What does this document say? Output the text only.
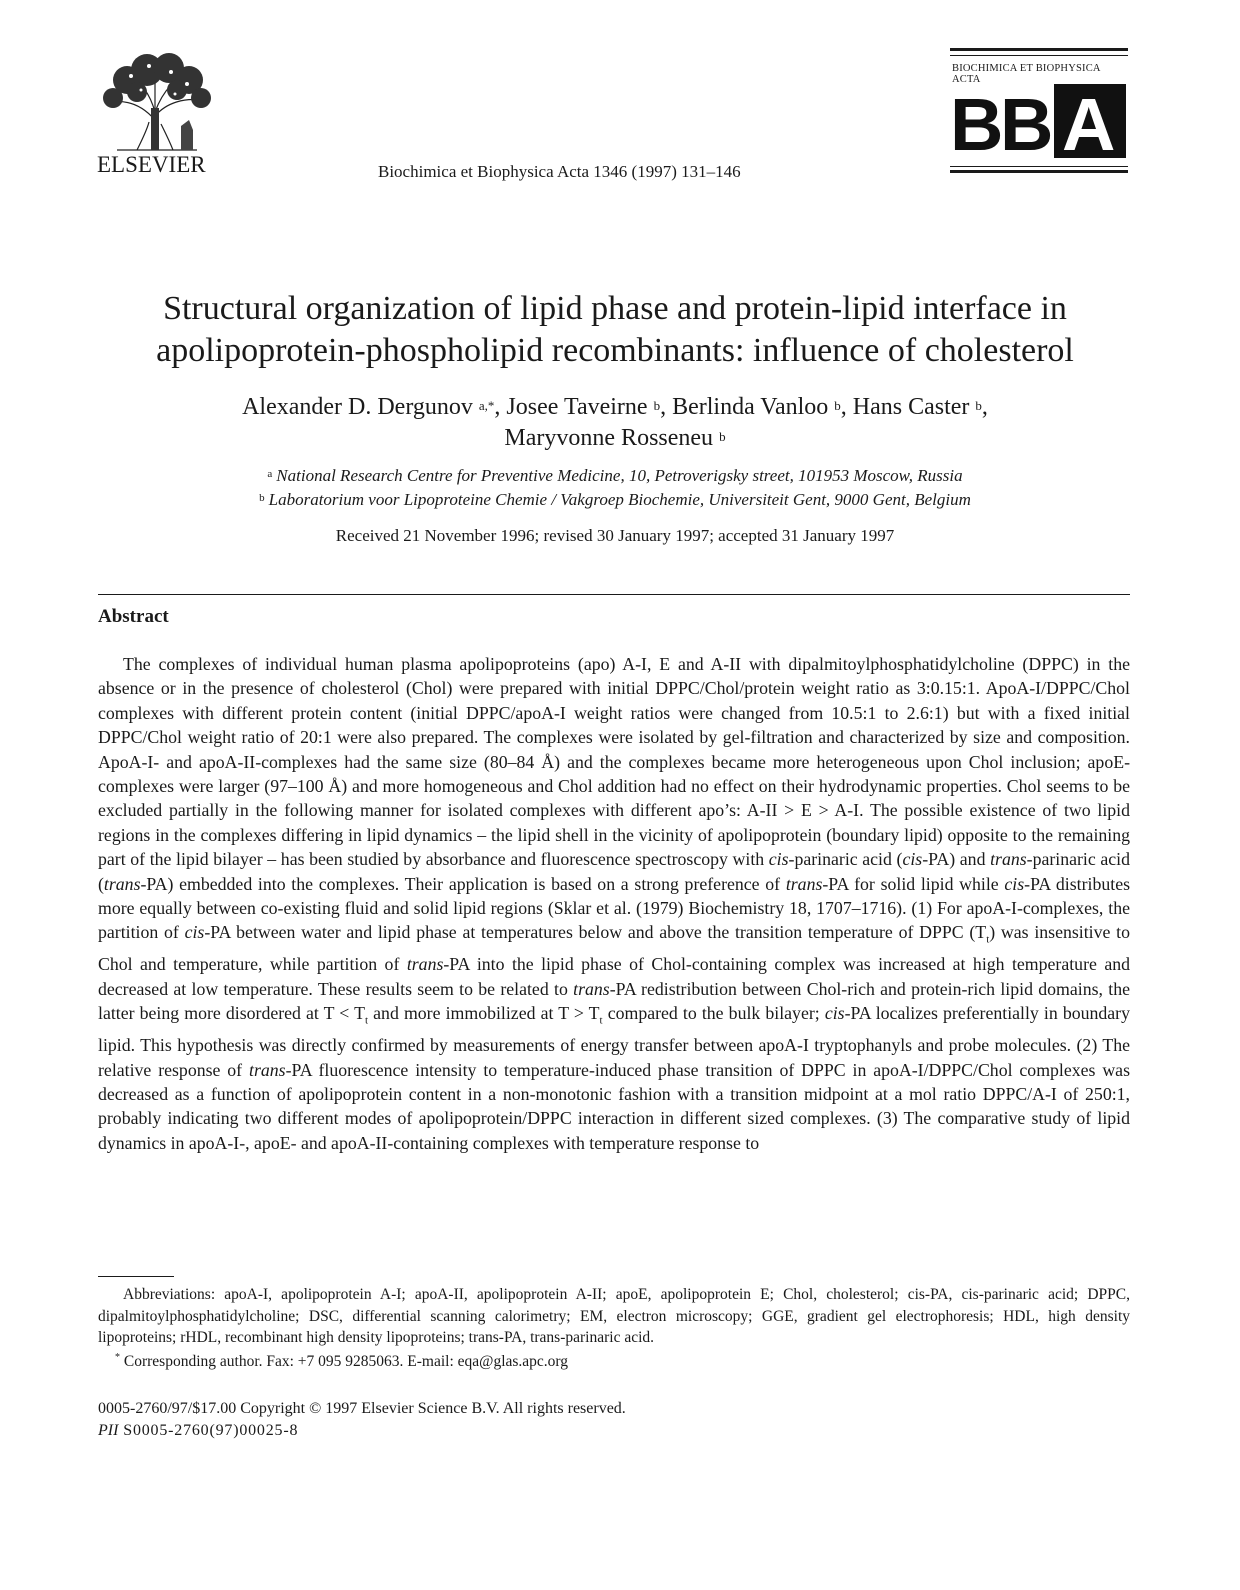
ELSEVIER	Biochimica et Biophysica Acta 1346 (1997) 131–146
BIOCHIMICA ET BIOPHYSICA ACTA
B B A
Structural organization of lipid phase and protein-lipid interface in
apolipoprotein-phospholipid recombinants: influence of cholesterol
Alexander D. Dergunov $^{a,*}$, Josee Taveirne $^b$, Berlinda Vanloo $^b$, Hans Caster $^b$,
Maryvonne Rosseneu $^b$
$^a$ National Research Centre for Preventive Medicine, 10, Petroverigsky street, 101953 Moscow, Russia
$^b$ Laboratorium voor Lipoproteine Chemie / Vakgroep Biochemie, Universiteit Gent, 9000 Gent, Belgium
Received 21 November 1996; revised 30 January 1997; accepted 31 January 1997
Abstract
The complexes of individual human plasma apolipoproteins (apo) A-I, E and A-II with dipalmitoylphosphatidylcholine (DPPC) in the absence or in the presence of cholesterol (Chol) were prepared with initial DPPC/Chol/protein weight ratio as 3:0.15:1. ApoA-I/DPPC/Chol complexes with different protein content (initial DPPC/apoA-I weight ratios were changed from 10.5:1 to 2.6:1) but with a fixed initial DPPC/Chol weight ratio of 20:1 were also prepared. The complexes were isolated by gel-filtration and characterized by size and composition. ApoA-I- and apoA-II-complexes had the same size (80–84 Å) and the complexes became more heterogeneous upon Chol inclusion; apoE-complexes were larger (97–100 Å) and more homogeneous and Chol addition had no effect on their hydrodynamic properties. Chol seems to be excluded partially in the following manner for isolated complexes with different apo’s: A-II > E > A-I. The possible existence of two lipid regions in the complexes differing in lipid dynamics – the lipid shell in the vicinity of apolipoprotein (boundary lipid) opposite to the remaining part of the lipid bilayer – has been studied by absorbance and fluorescence spectroscopy with cis-parinaric acid (cis-PA) and trans-parinaric acid (trans-PA) embedded into the complexes. Their application is based on a strong preference of trans-PA for solid lipid while cis-PA distributes more equally between co-existing fluid and solid lipid regions (Sklar et al. (1979) Biochemistry 18, 1707–1716). (1) For apoA-I-complexes, the partition of cis-PA between water and lipid phase at temperatures below and above the transition temperature of DPPC $(T_t)$ was insensitive to Chol and temperature, while partition of trans-PA into the lipid phase of Chol-containing complex was increased at high temperature and decreased at low temperature. These results seem to be related to trans-PA redistribution between Chol-rich and protein-rich lipid domains, the latter being more disordered at $T < T_t$ and more immobilized at $T > T_t$ compared to the bulk bilayer; cis-PA localizes preferentially in boundary lipid. This hypothesis was directly confirmed by measurements of energy transfer between apoA-I tryptophanyls and probe molecules. (2) The relative response of trans-PA fluorescence intensity to temperature-induced phase transition of DPPC in apoA-I/DPPC/Chol complexes was decreased as a function of apolipoprotein content in a non-monotonic fashion with a transition midpoint at a mol ratio DPPC/A-I of 250:1, probably indicating two different modes of apolipoprotein/DPPC interaction in different sized complexes. (3) The comparative study of lipid dynamics in apoA-I-, apoE- and apoA-II-containing complexes with temperature response to
Abbreviations: apoA-I, apolipoprotein A-I; apoA-II, apolipoprotein A-II; apoE, apolipoprotein E; Chol, cholesterol; cis-PA, cis-parinaric acid; DPPC, dipalmitoylphosphatidylcholine; DSC, differential scanning calorimetry; EM, electron microscopy; GGE, gradient gel electrophoresis; HDL, high density lipoproteins; rHDL, recombinant high density lipoproteins; trans-PA, trans-parinaric acid.
* Corresponding author. Fax: +7 095 9285063. E-mail: eqa@glas.apc.org
0005-2760/97/$17.00 Copyright © 1997 Elsevier Science B.V. All rights reserved.
PII S0005-2760(97)00025-8
